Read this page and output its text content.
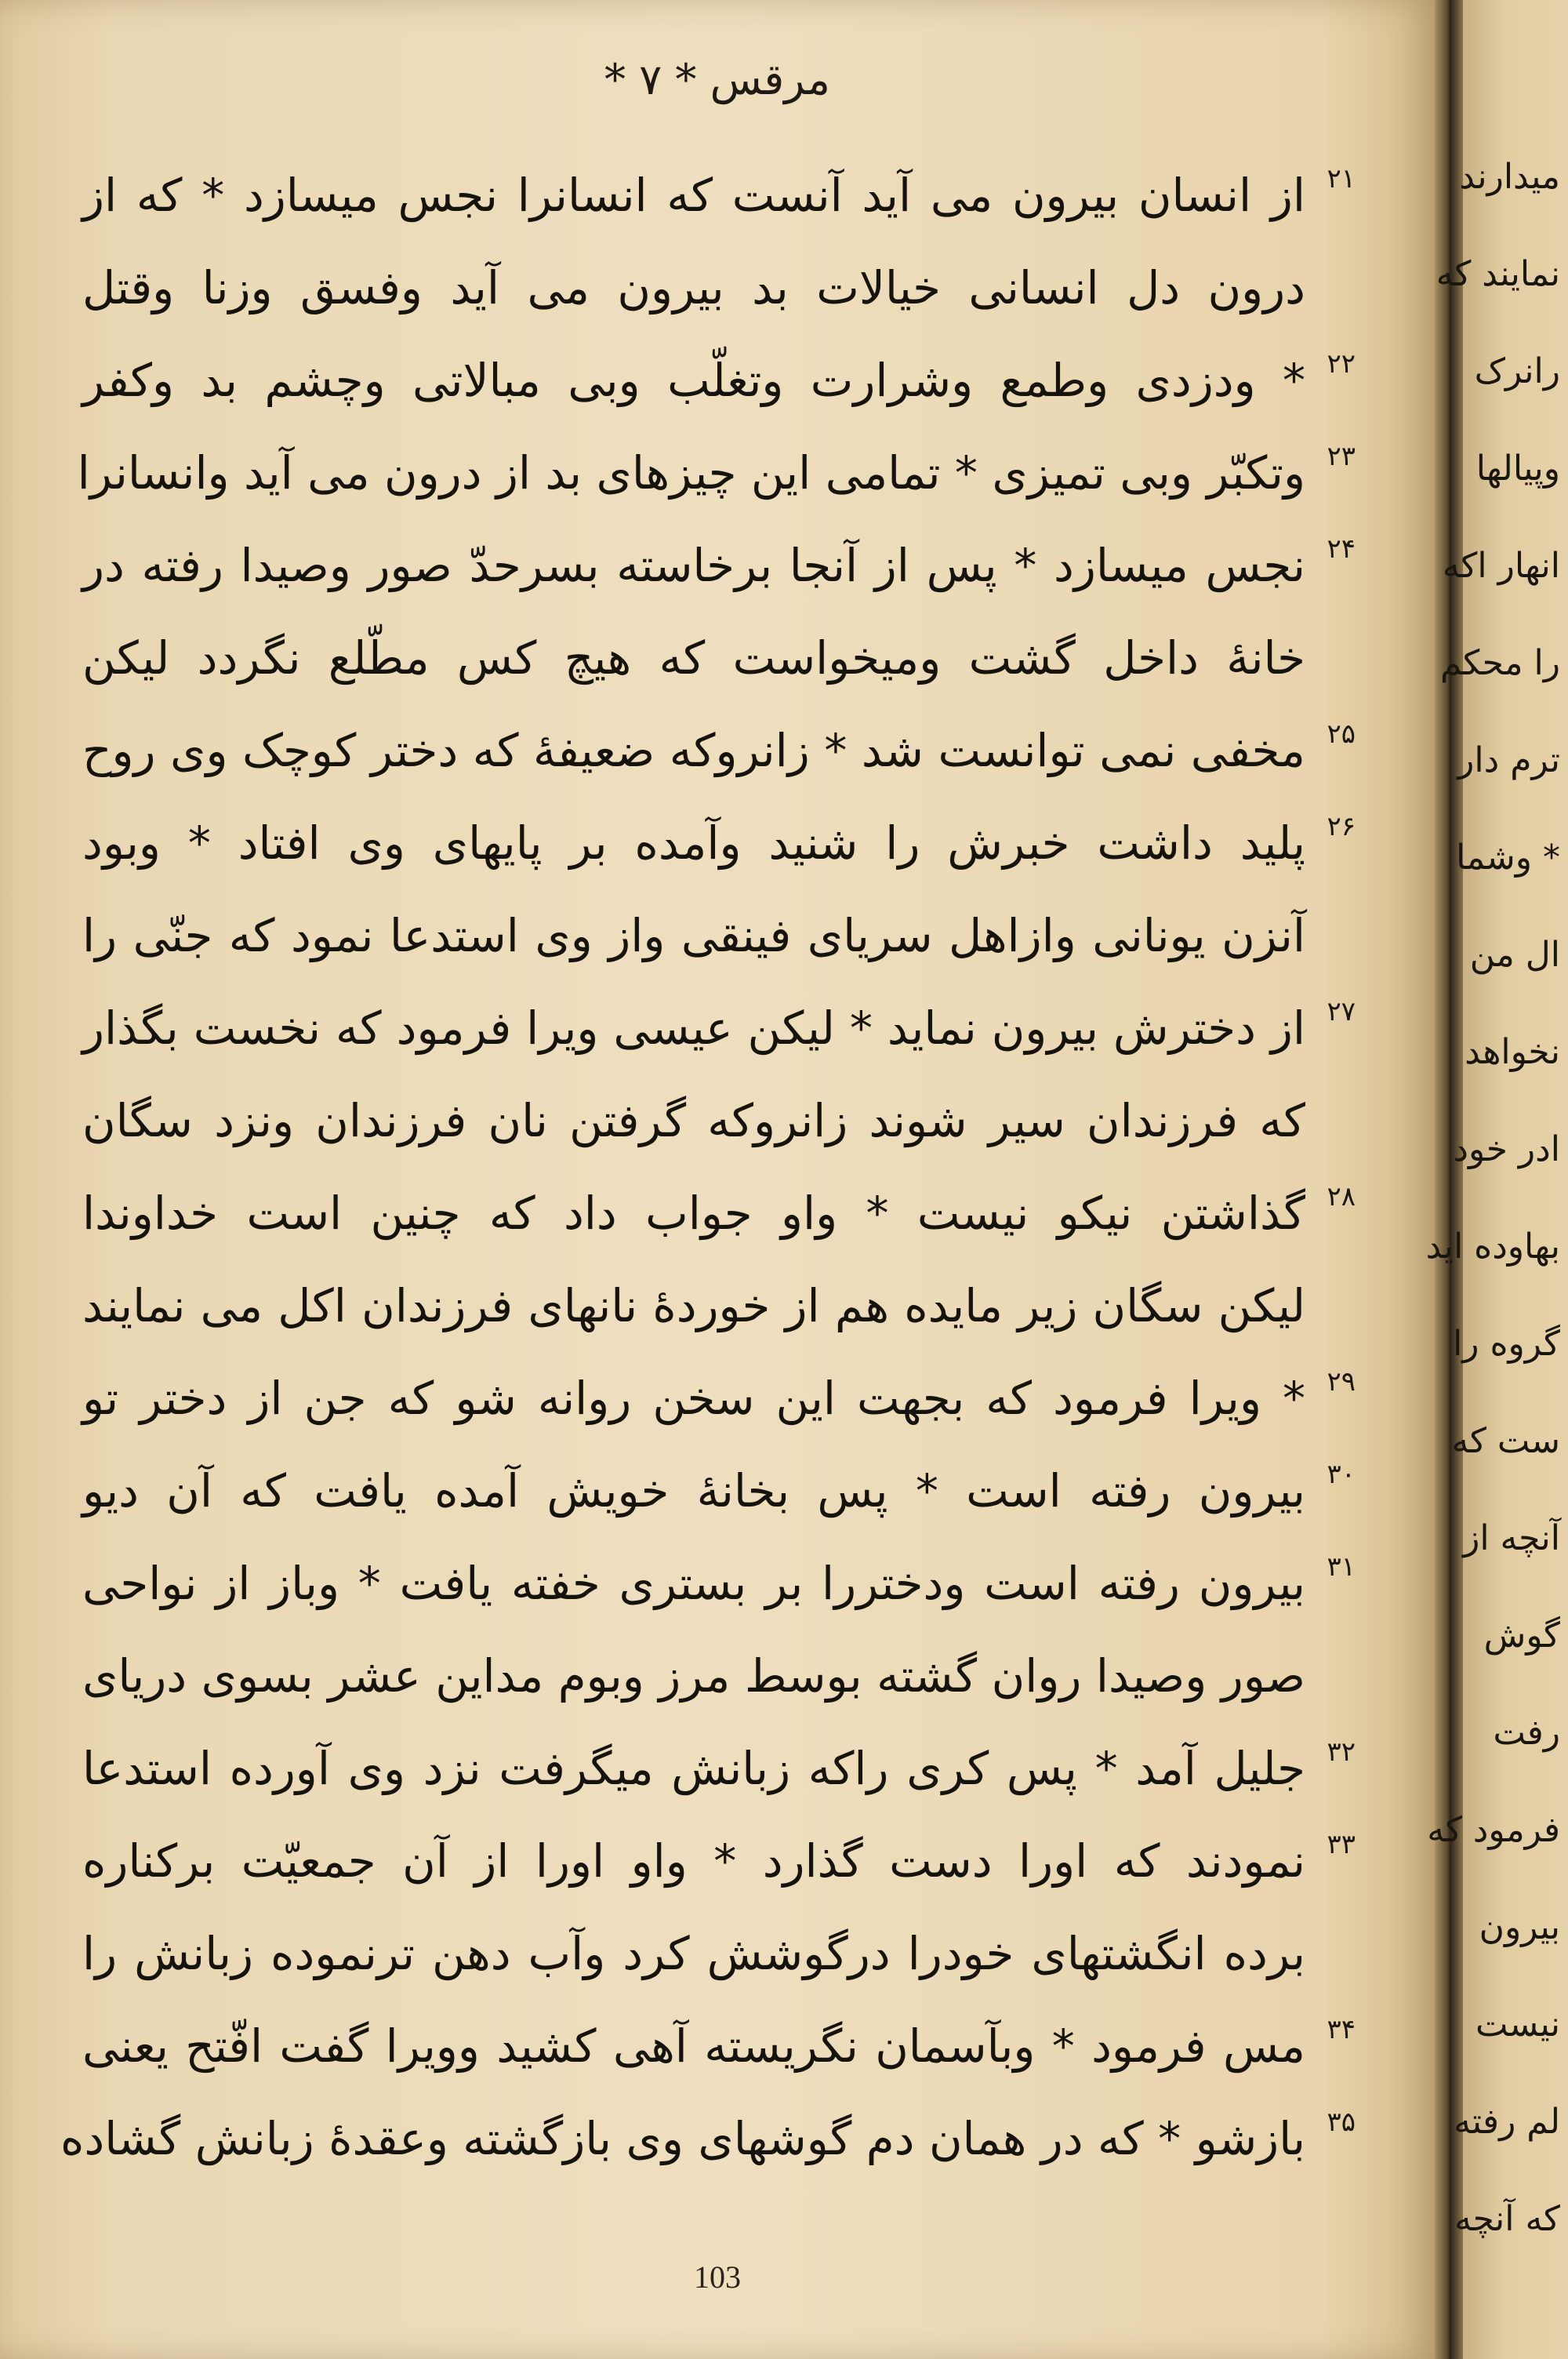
مرقس * ۷ *
۲۱
از انسان بیرون می آید آنست که انسانرا نجس میسازد * که از
درون دل انسانی خیالات بد بیرون می آید وفسق وزنا وقتل
۲۲
* ودزدی وطمع وشرارت وتغلّب وبی مبالاتی وچشم بد وکفر
۲۳
وتکبّر وبی تمیزی * تمامی این چیزهای بد از درون می آید وانسانرا
۲۴
نجس میسازد * پس از آنجا برخاسته بسرحدّ صور وصیدا رفته در
خانهٔ داخل گشت ومیخواست که هیچ کس مطّلع نگردد لیکن
۲۵
مخفی نمی توانست شد * زانروکه ضعیفهٔ که دختر کوچک وی روح
۲۶
پلید داشت خبرش را شنید وآمده بر پایهای وی افتاد * وبود
آنزن یونانی وازاهل سریای فینقی واز وی استدعا نمود که جنّی را
۲۷
از دخترش بیرون نماید * لیکن عیسی ویرا فرمود که نخست بگذار
که فرزندان سیر شوند زانروکه گرفتن نان فرزندان ونزد سگان
۲۸
گذاشتن نیکو نیست * واو جواب داد که چنین است خداوندا
لیکن سگان زیر مایده هم از خوردهٔ نانهای فرزندان اکل می نمایند
۲۹
* ویرا فرمود که بجهت این سخن روانه شو که جن از دختر تو
۳۰
بیرون رفته است * پس بخانهٔ خویش آمده یافت که آن دیو
۳۱
بیرون رفته است ودختررا بر بستری خفته یافت * وباز از نواحی
صور وصیدا روان گشته بوسط مرز وبوم مداین عشر بسوی دریای
۳۲
جلیل آمد * پس کری راکه زبانش میگرفت نزد وی آورده استدعا
۳۳
نمودند که اورا دست گذارد * واو اورا از آن جمعیّت برکناره
برده انگشتهای خودرا درگوشش کرد وآب دهن ترنموده زبانش را
۳۴
مس فرمود * وبآسمان نگریسته آهی کشید وویرا گفت افّتح یعنی
۳۵
بازشو * که در همان دم گوشهای وی بازگشته وعقدهٔ زبانش گشاده
103
میدارند
نمایند که
رانرک
وپیالها
انهار اکه
را محکم
ترم دار
* وشما
ال من
نخواهد
ادر خود
بهاوده اید
گروه را
ست که
آنچه از
گوش
رفت
فرمود که
بیرون
نیست
لم رفته
که آنچه
